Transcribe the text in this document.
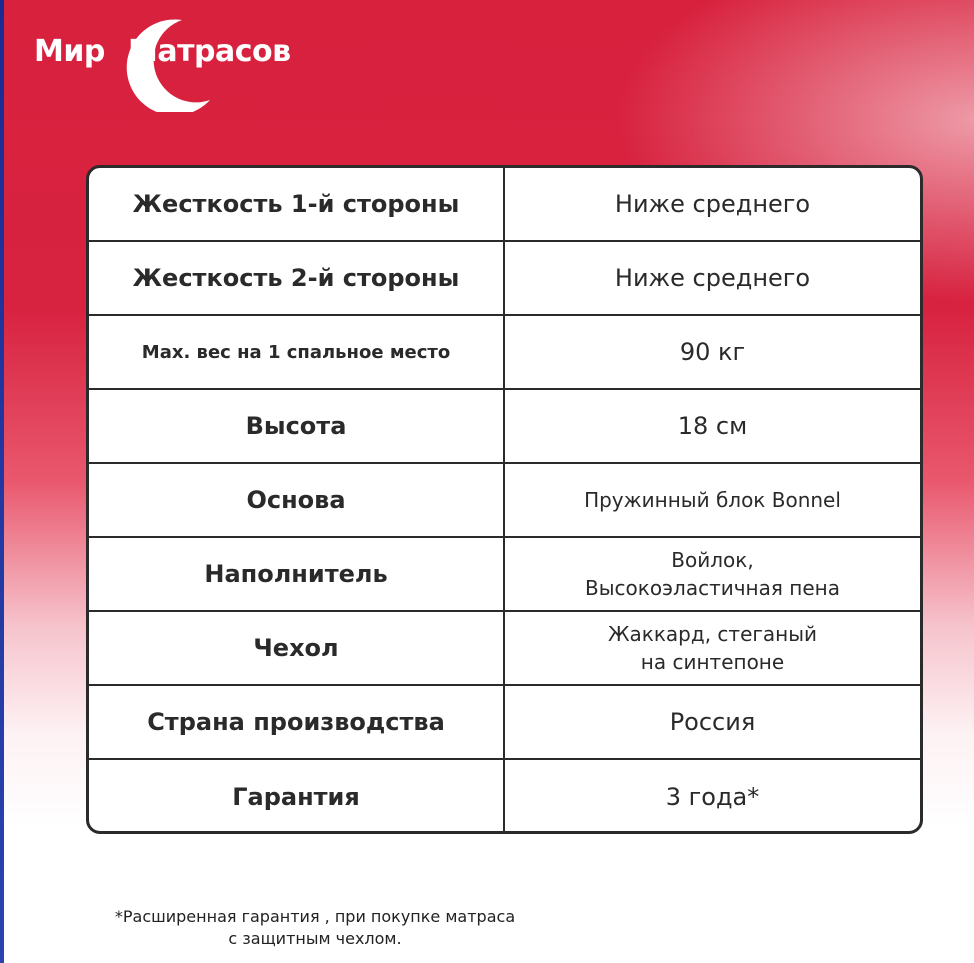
Мир Матрасов
Жесткость 1-й стороны	Ниже среднего
Жесткость 2-й стороны	Ниже среднего
Max. вес на 1 спальное место	90 кг
Высота	18 см
Основа	Пружинный блок Bonnel
Наполнитель	Войлок,
Высокоэластичная пена
Чехол	Жаккард, стеганый
на синтепоне
Страна производства	Россия
Гарантия	3 года*
*Расширенная гарантия , при покупке матраса
с защитным чехлом.
